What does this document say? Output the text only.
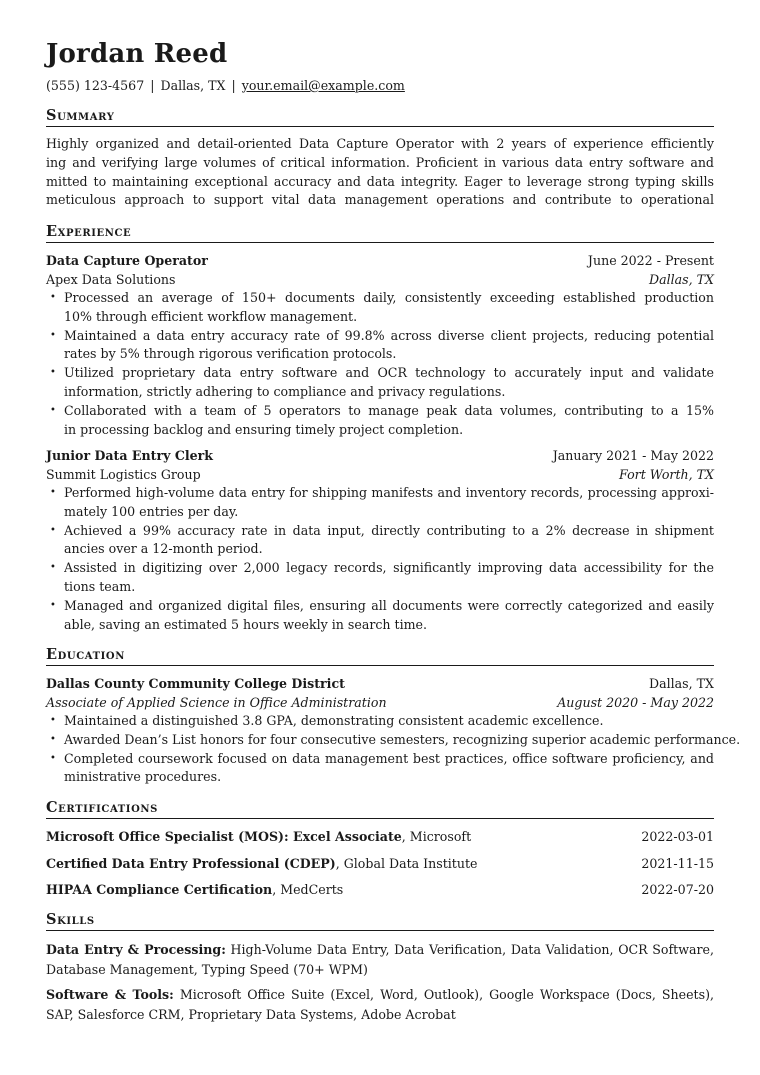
Jordan Reed
(555) 123-4567 | Dallas, TX | your.email@example.com
Summary
Highly organized and detail-oriented Data Capture Operator with 2 years of experience efficiently
ing and verifying large volumes of critical information. Proficient in various data entry software and
mitted to maintaining exceptional accuracy and data integrity. Eager to leverage strong typing skills
meticulous approach to support vital data management operations and contribute to operational
Experience
Data Capture Operator	June 2022 - Present
Apex Data Solutions	Dallas, TX
• Processed an average of 150+ documents daily, consistently exceeding established production
10% through efficient workflow management.
• Maintained a data entry accuracy rate of 99.8% across diverse client projects, reducing potential
rates by 5% through rigorous verification protocols.
• Utilized proprietary data entry software and OCR technology to accurately input and validate
information, strictly adhering to compliance and privacy regulations.
• Collaborated with a team of 5 operators to manage peak data volumes, contributing to a 15%
in processing backlog and ensuring timely project completion.
Junior Data Entry Clerk	January 2021 - May 2022
Summit Logistics Group	Fort Worth, TX
• Performed high-volume data entry for shipping manifests and inventory records, processing approxi-
mately 100 entries per day.
• Achieved a 99% accuracy rate in data input, directly contributing to a 2% decrease in shipment
ancies over a 12-month period.
• Assisted in digitizing over 2,000 legacy records, significantly improving data accessibility for the
tions team.
• Managed and organized digital files, ensuring all documents were correctly categorized and easily
able, saving an estimated 5 hours weekly in search time.
Education
Dallas County Community College District	Dallas, TX
Associate of Applied Science in Office Administration	August 2020 - May 2022
• Maintained a distinguished 3.8 GPA, demonstrating consistent academic excellence.
• Awarded Dean’s List honors for four consecutive semesters, recognizing superior academic performance.
• Completed coursework focused on data management best practices, office software proficiency, and
ministrative procedures.
Certifications
Microsoft Office Specialist (MOS): Excel Associate, Microsoft	2022-03-01
Certified Data Entry Professional (CDEP), Global Data Institute	2021-11-15
HIPAA Compliance Certification, MedCerts	2022-07-20
Skills
Data Entry & Processing: High-Volume Data Entry, Data Verification, Data Validation, OCR Software,
Database Management, Typing Speed (70+ WPM)
Software & Tools: Microsoft Office Suite (Excel, Word, Outlook), Google Workspace (Docs, Sheets),
SAP, Salesforce CRM, Proprietary Data Systems, Adobe Acrobat
